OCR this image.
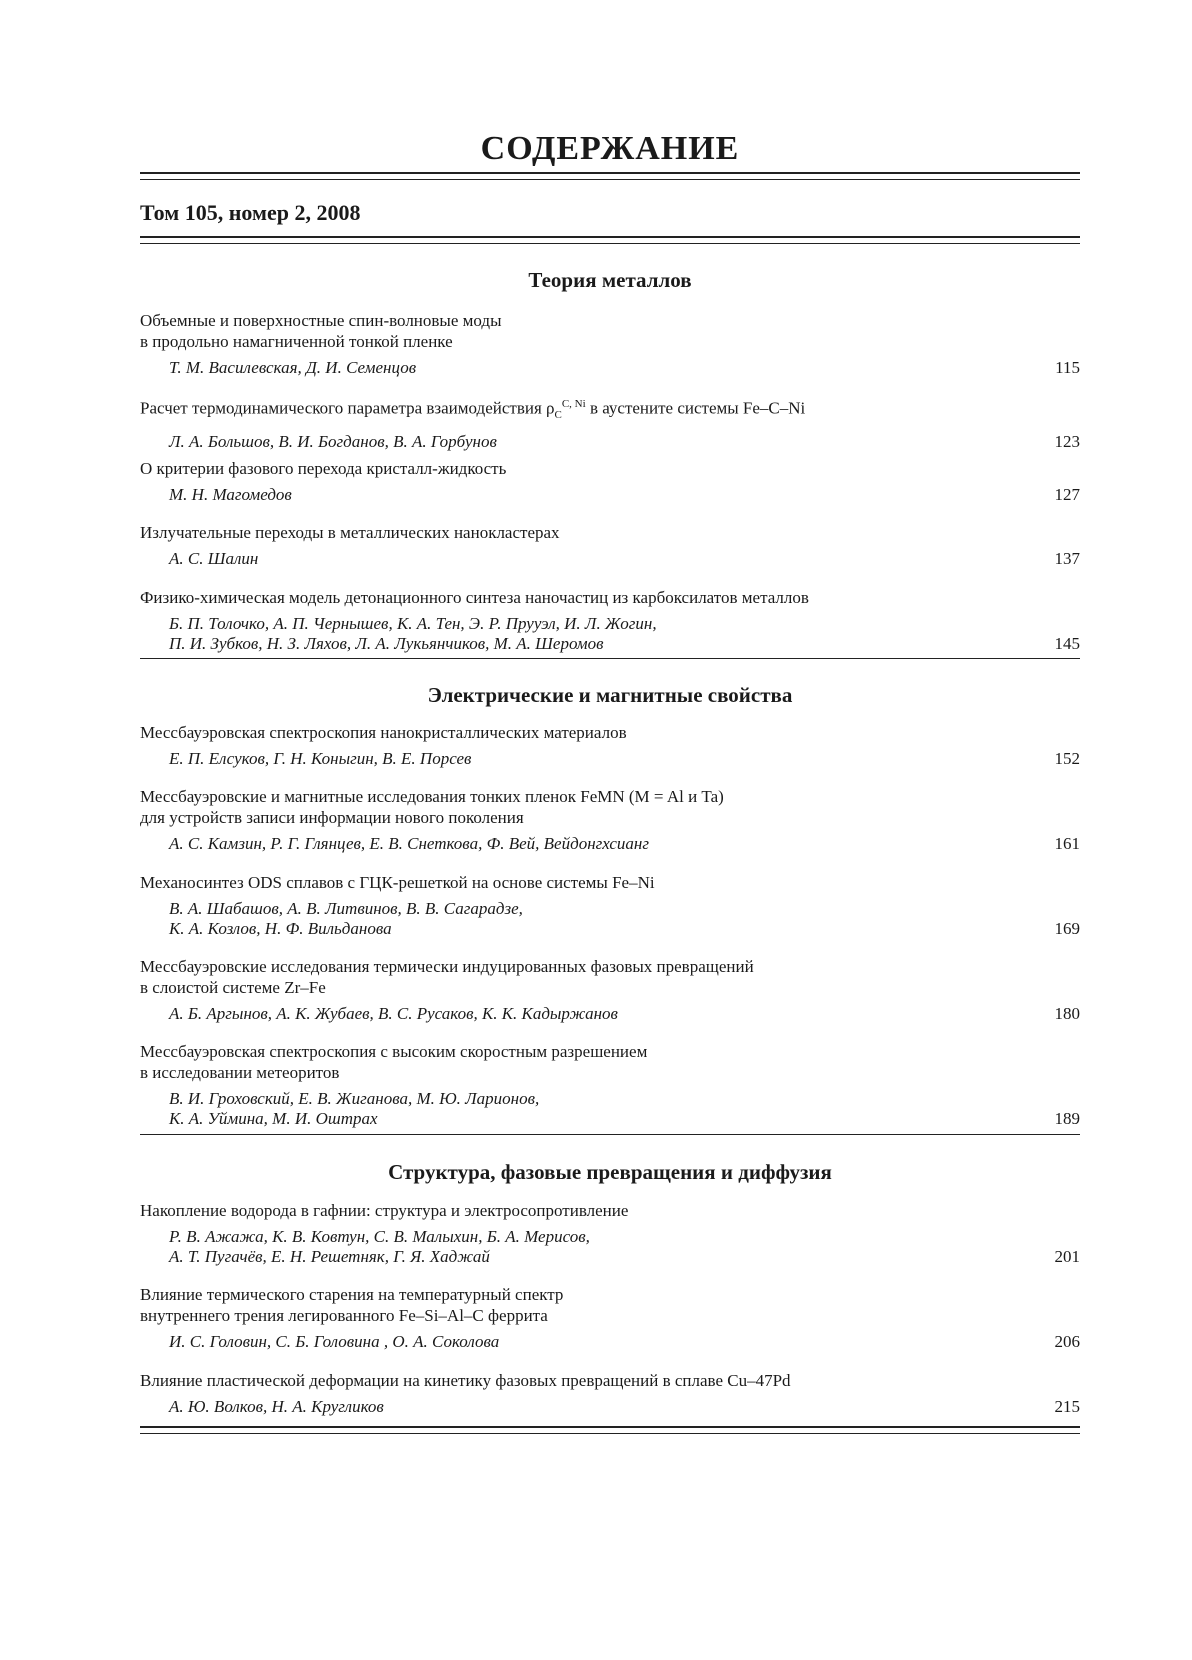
СОДЕРЖАНИЕ
Том 105, номер 2, 2008
Теория металлов
Объемные и поверхностные спин-волновые моды
в продольно намагниченной тонкой пленке
Т. М. Василевская, Д. И. Семенцов	115
Расчет термодинамического параметра взаимодействия $\rho_C^{C, Ni}$ в аустените системы Fe–C–Ni
Л. А. Большов, В. И. Богданов, В. А. Горбунов	123
О критерии фазового перехода кристалл-жидкость
М. Н. Магомедов	127
Излучательные переходы в металлических нанокластерах
А. С. Шалин	137
Физико-химическая модель детонационного синтеза наночастиц из карбоксилатов металлов
Б. П. Толочко, А. П. Чернышев, К. А. Тен, Э. Р. Прууэл, И. Л. Жогин,
П. И. Зубков, Н. З. Ляхов, Л. А. Лукьянчиков, М. А. Шеромов	145
Электрические и магнитные свойства
Мессбауэровская спектроскопия нанокристаллических материалов
Е. П. Елсуков, Г. Н. Коныгин, В. Е. Порсев	152
Мессбауэровские и магнитные исследования тонких пленок FeMN (M = Al и Ta)
для устройств записи информации нового поколения
А. С. Камзин, Р. Г. Глянцев, Е. В. Снеткова, Ф. Вей, Вейдонгхсианг	161
Механосинтез ODS сплавов с ГЦК-решеткой на основе системы Fe–Ni
В. А. Шабашов, А. В. Литвинов, В. В. Сагарадзе,
К. А. Козлов, Н. Ф. Вильданова	169
Мессбауэровские исследования термически индуцированных фазовых превращений
в слоистой системе Zr–Fe
А. Б. Аргынов, А. К. Жубаев, В. С. Русаков, К. К. Кадыржанов	180
Мессбауэровская спектроскопия с высоким скоростным разрешением
в исследовании метеоритов
В. И. Гроховский, Е. В. Жиганова, М. Ю. Ларионов,
К. А. Уймина, М. И. Оштрах	189
Структура, фазовые превращения и диффузия
Накопление водорода в гафнии: структура и электросопротивление
Р. В. Ажажа, К. В. Ковтун, С. В. Малыхин, Б. А. Мерисов,
А. Т. Пугачёв, Е. Н. Решетняк, Г. Я. Хаджай	201
Влияние термического старения на температурный спектр
внутреннего трения легированного Fe–Si–Al–C феррита
И. С. Головин, С. Б. Головина , О. А. Соколова	206
Влияние пластической деформации на кинетику фазовых превращений в сплаве Cu–47Pd
А. Ю. Волков, Н. А. Кругликов	215
